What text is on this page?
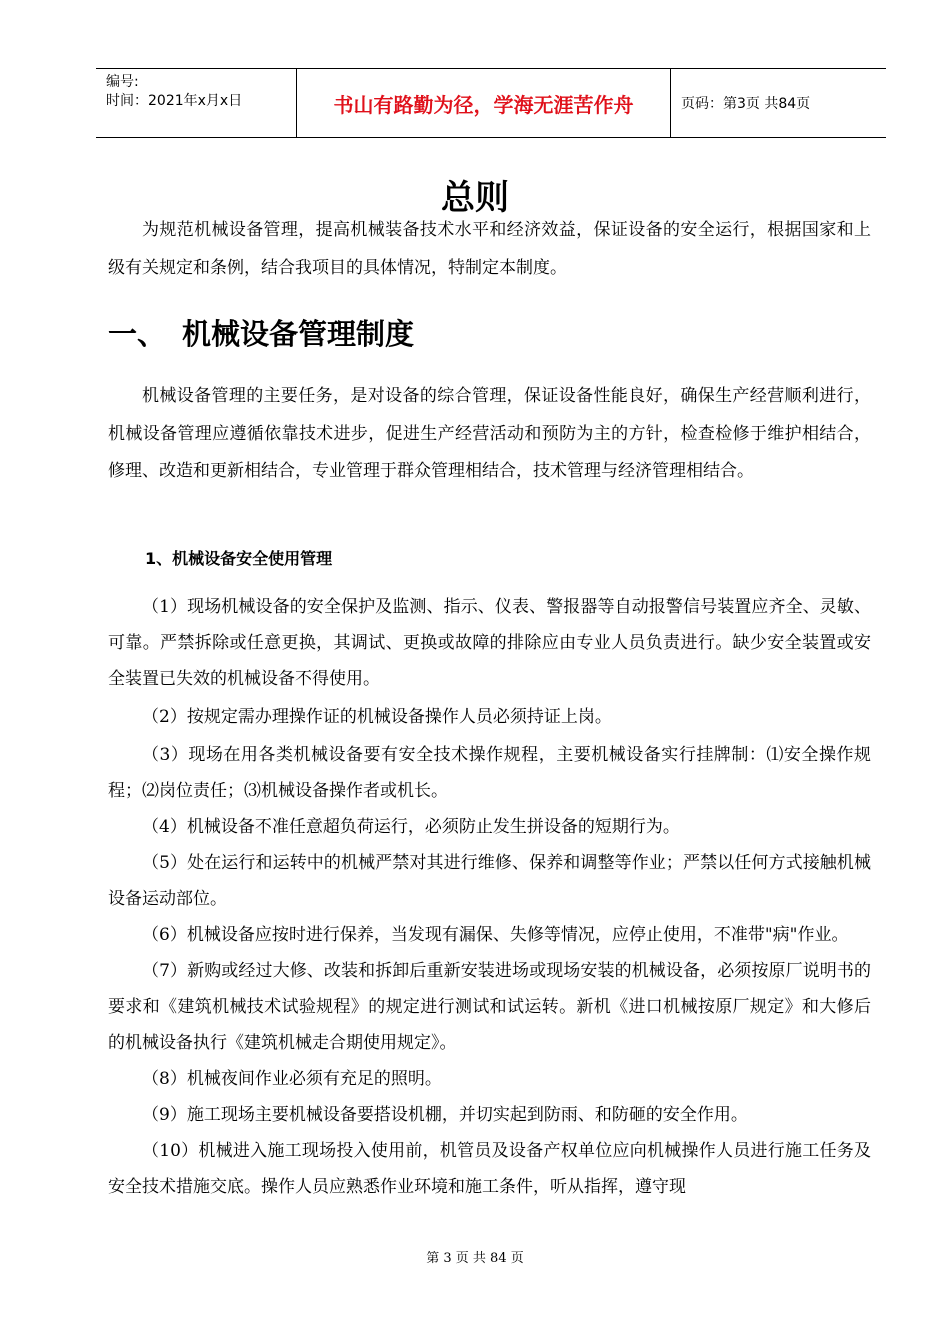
编号:
时间：2021年x月x日	书山有路勤为径，学海无涯苦作舟	页码：第3页 共84页
总则

为规范机械设备管理，提高机械装备技术水平和经济效益，保证设备的安全运行，根据国家和上级有关规定和条例，结合我项目的具体情况，特制定本制度。

一、 机械设备管理制度

机械设备管理的主要任务，是对设备的综合管理，保证设备性能良好，确保生产经营顺利进行，机械设备管理应遵循依靠技术进步，促进生产经营活动和预防为主的方针，检查检修于维护相结合，修理、改造和更新相结合，专业管理于群众管理相结合，技术管理与经济管理相结合。

1、机械设备安全使用管理

（1）现场机械设备的安全保护及监测、指示、仪表、警报器等自动报警信号装置应齐全、灵敏、可靠。严禁拆除或任意更换，其调试、更换或故障的排除应由专业人员负责进行。缺少安全装置或安全装置已失效的机械设备不得使用。

（2）按规定需办理操作证的机械设备操作人员必须持证上岗。

（3）现场在用各类机械设备要有安全技术操作规程，主要机械设备实行挂牌制：⑴安全操作规程；⑵岗位责任；⑶机械设备操作者或机长。

（4）机械设备不准任意超负荷运行，必须防止发生拼设备的短期行为。

（5）处在运行和运转中的机械严禁对其进行维修、保养和调整等作业；严禁以任何方式接触机械设备运动部位。

（6）机械设备应按时进行保养，当发现有漏保、失修等情况，应停止使用，不准带"病"作业。

（7）新购或经过大修、改装和拆卸后重新安装进场或现场安装的机械设备，必须按原厂说明书的要求和《建筑机械技术试验规程》的规定进行测试和试运转。新机《进口机械按原厂规定》和大修后的机械设备执行《建筑机械走合期使用规定》。

（8）机械夜间作业必须有充足的照明。

（9）施工现场主要机械设备要搭设机棚，并切实起到防雨、和防砸的安全作用。

（10）机械进入施工现场投入使用前，机管员及设备产权单位应向机械操作人员进行施工任务及安全技术措施交底。操作人员应熟悉作业环境和施工条件，听从指挥，遵守现

第 3 页 共 84 页
